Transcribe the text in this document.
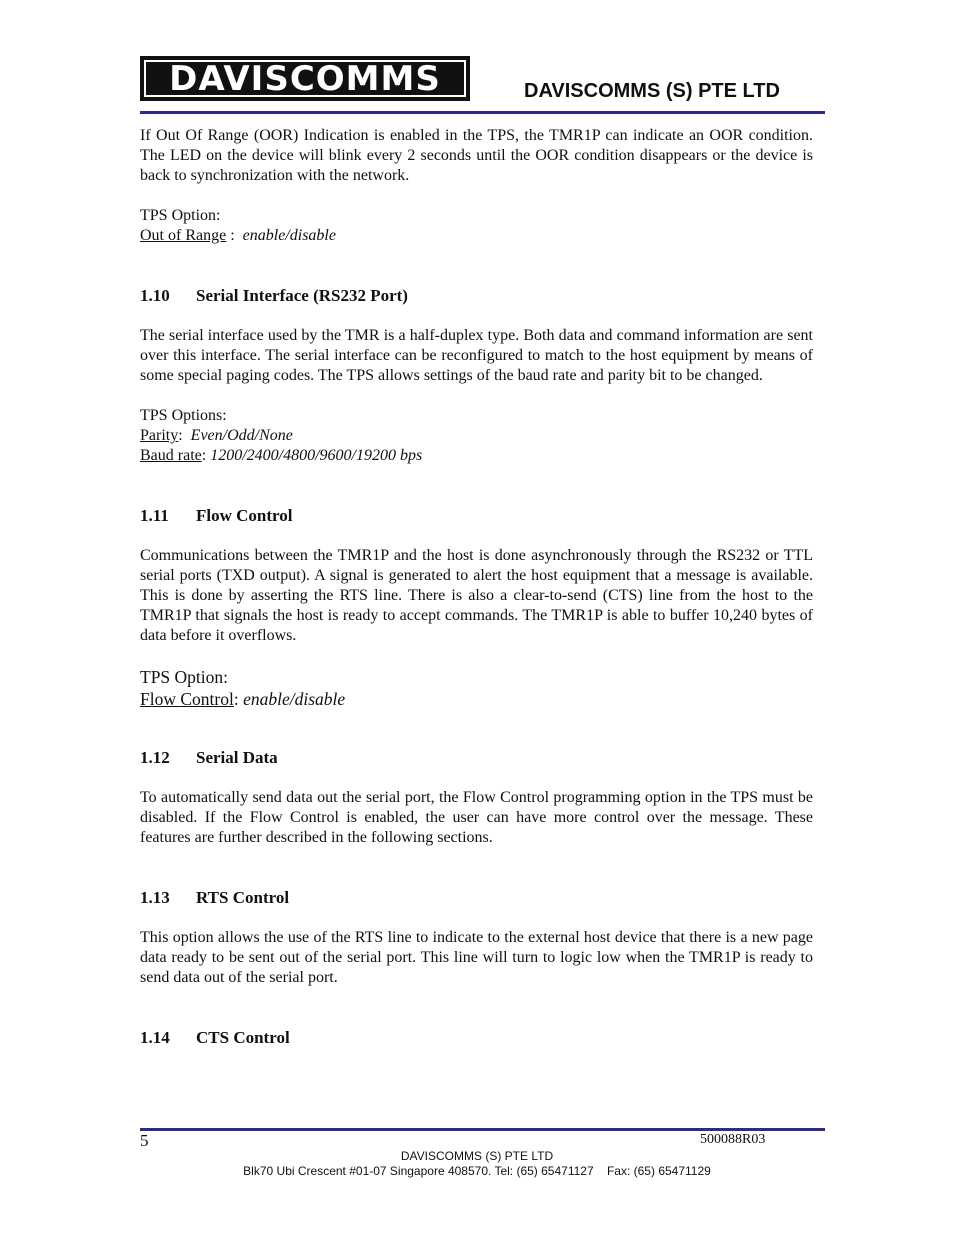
DAVISCOMMS	DAVISCOMMS (S) PTE LTD

If Out Of Range (OOR) Indication is enabled in the TPS, the TMR1P can indicate an OOR condition. The LED on the device will blink every 2 seconds until the OOR condition disappears or the device is back to synchronization with the network.

TPS Option:

Out of Range :  enable/disable

1.10 Serial Interface (RS232 Port)

The serial interface used by the TMR is a half-duplex type. Both data and command information are sent over this interface. The serial interface can be reconfigured to match to the host equipment by means of some special paging codes. The TPS allows settings of the baud rate and parity bit to be changed.

TPS Options:

Parity:  Even/Odd/None

Baud rate: 1200/2400/4800/9600/19200 bps

1.11 Flow Control

Communications between the TMR1P and the host is done asynchronously through the RS232 or TTL serial ports (TXD output). A signal is generated to alert the host equipment that a message is available. This is done by asserting the RTS line. There is also a clear-to-send (CTS) line from the host to the TMR1P that signals the host is ready to accept commands. The TMR1P is able to buffer 10,240 bytes of data before it overflows.

TPS Option:

Flow Control: enable/disable

1.12 Serial Data

To automatically send data out the serial port, the Flow Control programming option in the TPS must be disabled. If the Flow Control is enabled, the user can have more control over the message. These features are further described in the following sections.

1.13 RTS Control

This option allows the use of the RTS line to indicate to the external host device that there is a new page data ready to be sent out of the serial port. This line will turn to logic low when the TMR1P is ready to send data out of the serial port.

1.14 CTS Control
5	500088R03
DAVISCOMMS (S) PTE LTD
Blk70 Ubi Crescent #01-07 Singapore 408570. Tel: (65) 65471127    Fax: (65) 65471129
